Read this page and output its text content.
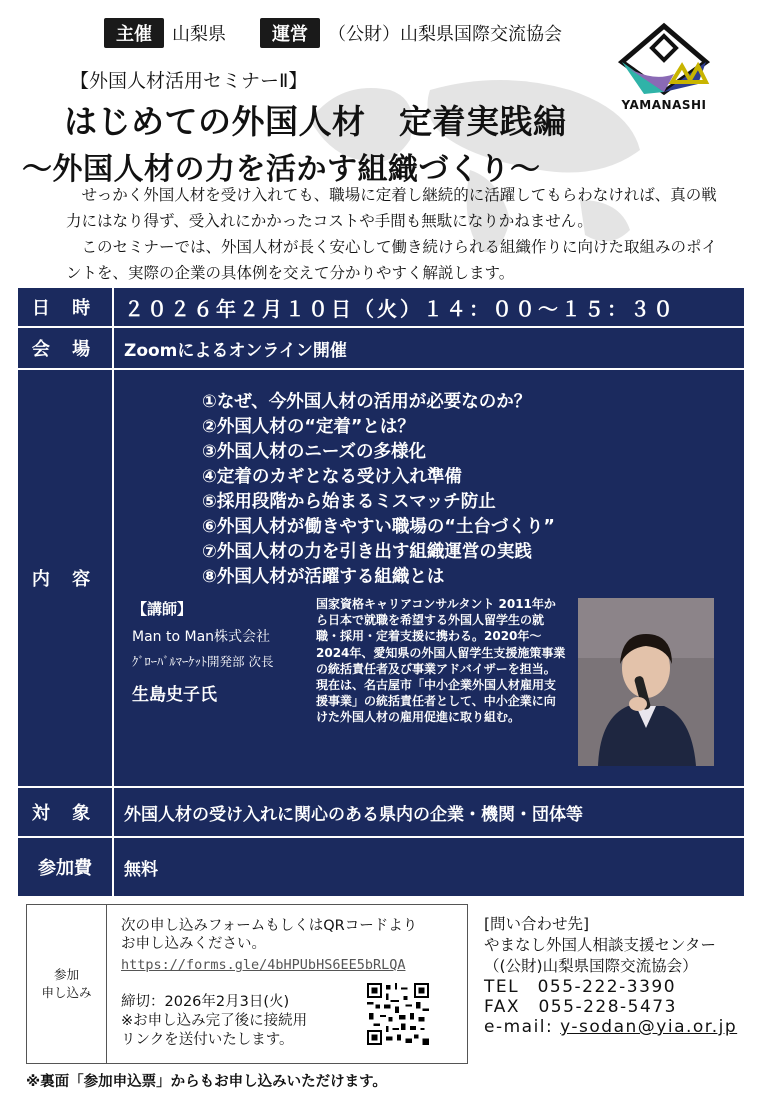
主催	山梨県	運営	（公財）山梨県国際交流協会
YAMANASHI
【外国人材活用セミナーⅡ】
はじめての外国人材　定着実践編
～外国人材の力を活かす組織づくり～

せっかく外国人材を受け入れても、職場に定着し継続的に活躍してもらわなければ、真の戦力にはなり得ず、受入れにかかったコストや手間も無駄になりかねません。

このセミナーでは、外国人材が長く安心して働き続けられる組織作りに向けた取組みのポイントを、実際の企業の具体例を交えて分かりやすく解説します。

日 時	２０２６年２月１０日（火）１４：００～１５：３０
会 場	Zoomによるオンライン開催
内 容
①なぜ、今外国人材の活用が必要なのか？
②外国人材の“定着”とは？
③外国人材のニーズの多様化
④定着のカギとなる受け入れ準備
⑤採用段階から始まるミスマッチ防止
⑥外国人材が働きやすい職場の“土台づくり”
⑦外国人材の力を引き出す組織運営の実践
⑧外国人材が活躍する組織とは
【講師】
Man to Man株式会社
ｸﾞﾛｰﾊﾞﾙﾏｰｹｯﾄ開発部 次長
生島史子氏
国家資格キャリアコンサルタント 2011年から日本で就職を希望する外国人留学生の就職・採用・定着支援に携わる。2020年～2024年、愛知県の外国人留学生支援施策事業の統括責任者及び事業アドバイザーを担当。現在は、名古屋市「中小企業外国人材雇用支援事業」の統括責任者として、中小企業に向けた外国人材の雇用促進に取り組む。
対 象	外国人材の受け入れに関心のある県内の企業・機関・団体等
参加費	無料
参加
申し込み
次の申し込みフォームもしくはQRコードより
お申し込みください。
https://forms.gle/4bHPUbHS6EE5bRLQA
締切：2026年2月3日(火)
※お申し込み完了後に接続用
リンクを送付いたします。
[問い合わせ先]
やまなし外国人相談支援センター
（(公財)山梨県国際交流協会）
TEL　055-222-3390
FAX　055-228-5473
e-mail: y-sodan@yia.or.jp
※裏面「参加申込票」からもお申し込みいただけます。
